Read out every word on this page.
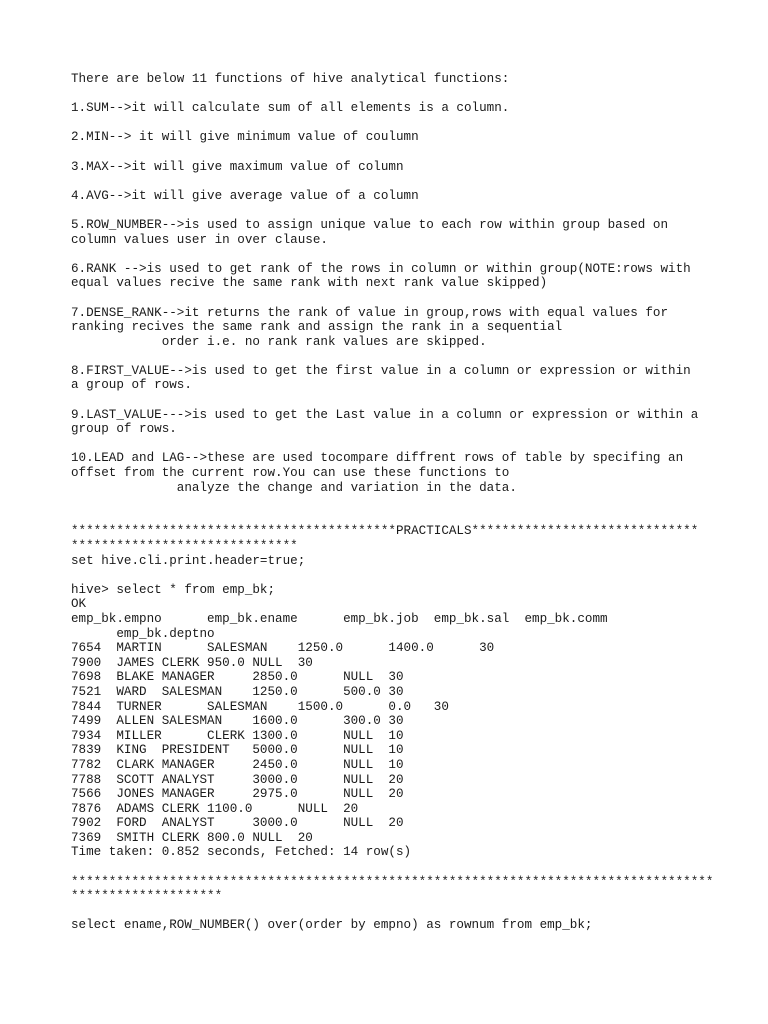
There are below 11 functions of hive analytical functions:
1.SUM-->it will calculate sum of all elements is a column.
2.MIN--> it will give minimum value of coulumn
3.MAX-->it will give maximum value of column
4.AVG-->it will give average value of a column
5.ROW_NUMBER-->is used to assign unique value to each row within group based on
column values user in over clause.
6.RANK -->is used to get rank of the rows in column or within group(NOTE:rows with
equal values recive the same rank with next rank value skipped)
7.DENSE_RANK-->it returns the rank of value in group,rows with equal values for
ranking recives the same rank and assign the rank in a sequential
order i.e. no rank rank values are skipped.
8.FIRST_VALUE-->is used to get the first value in a column or expression or within
a group of rows.
9.LAST_VALUE--->is used to get the Last value in a column or expression or within a
group of rows.
10.LEAD and LAG-->these are used tocompare diffrent rows of table by specifing an
offset from the current row.You can use these functions to
analyze the change and variation in the data.
*******************************************PRACTICALS******************************
******************************
set hive.cli.print.header=true;
hive> select * from emp_bk;
OK
emp_bk.empno      emp_bk.ename      emp_bk.job  emp_bk.sal  emp_bk.comm
emp_bk.deptno
7654  MARTIN      SALESMAN    1250.0      1400.0      30
7900  JAMES CLERK 950.0 NULL  30
7698  BLAKE MANAGER     2850.0      NULL  30
7521  WARD  SALESMAN    1250.0      500.0 30
7844  TURNER      SALESMAN    1500.0      0.0   30
7499  ALLEN SALESMAN    1600.0      300.0 30
7934  MILLER      CLERK 1300.0      NULL  10
7839  KING  PRESIDENT   5000.0      NULL  10
7782  CLARK MANAGER     2450.0      NULL  10
7788  SCOTT ANALYST     3000.0      NULL  20
7566  JONES MANAGER     2975.0      NULL  20
7876  ADAMS CLERK 1100.0      NULL  20
7902  FORD  ANALYST     3000.0      NULL  20
7369  SMITH CLERK 800.0 NULL  20
Time taken: 0.852 seconds, Fetched: 14 row(s)
*************************************************************************************
********************
select ename,ROW_NUMBER() over(order by empno) as rownum from emp_bk;
